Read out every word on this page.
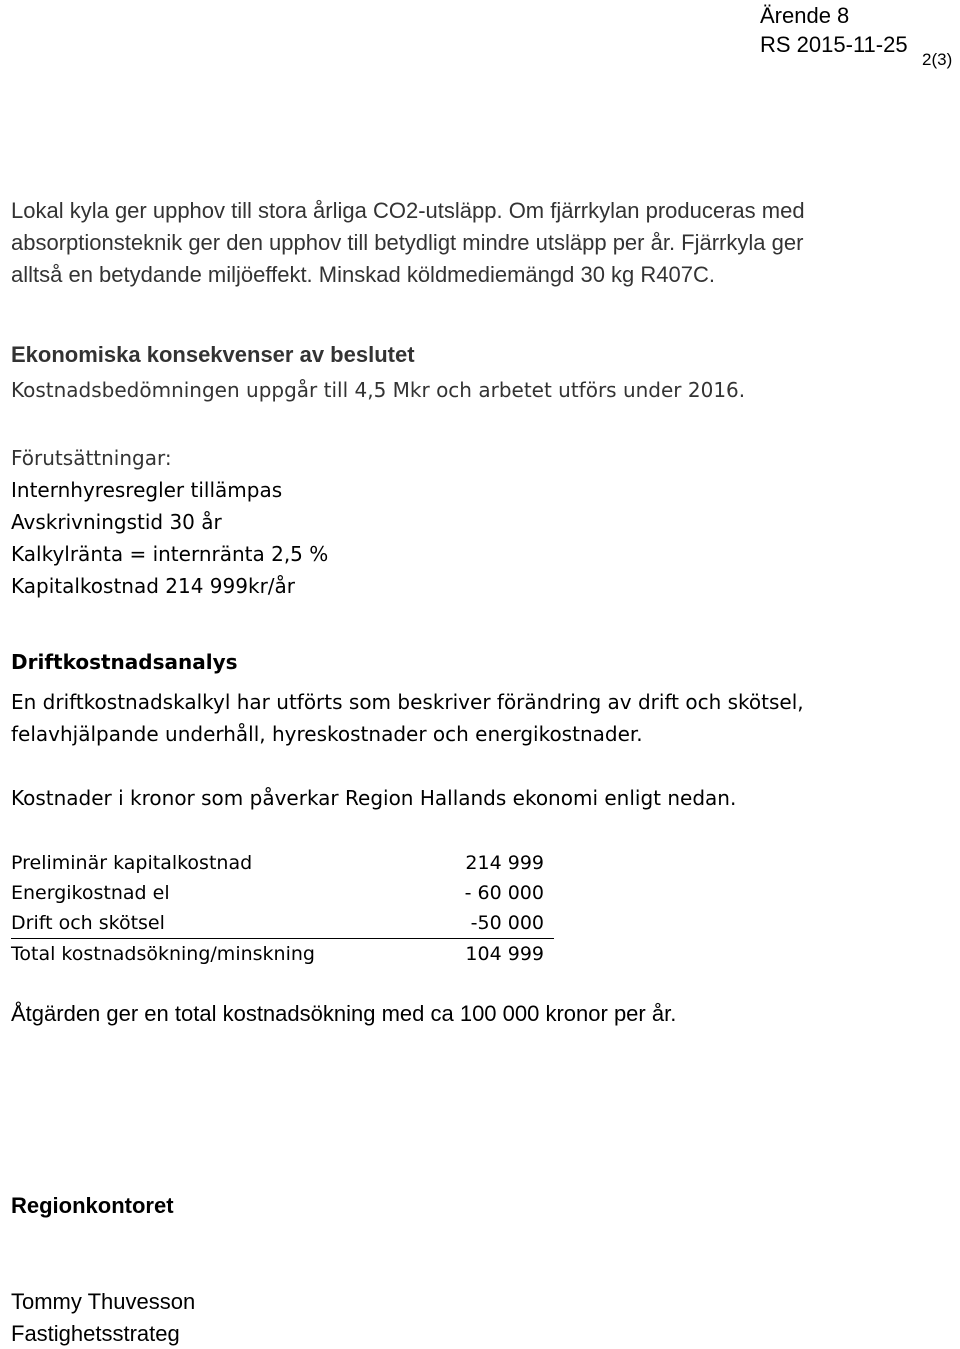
Ärende 8
RS 2015-11-25
2(3)
Lokal kyla ger upphov till stora årliga CO2-utsläpp. Om fjärrkylan produceras med
absorptionsteknik ger den upphov till betydligt mindre utsläpp per år. Fjärrkyla ger
alltså en betydande miljöeffekt. Minskad köldmediemängd 30 kg R407C.
Ekonomiska konsekvenser av beslutet
Kostnadsbedömningen uppgår till 4,5 Mkr och arbetet utförs under 2016.
Förutsättningar:
Internhyresregler tillämpas
Avskrivningstid 30 år
Kalkylränta = internränta 2,5 %
Kapitalkostnad 214 999kr/år
Driftkostnadsanalys
En driftkostnadskalkyl har utförts som beskriver förändring av drift och skötsel,
felavhjälpande underhåll, hyreskostnader och energikostnader.
Kostnader i kronor som påverkar Region Hallands ekonomi enligt nedan.
Preliminär kapitalkostnad	214 999
Energikostnad el	- 60 000
Drift och skötsel	-50 000
Total kostnadsökning/minskning	104 999
Åtgärden ger en total kostnadsökning med ca 100 000 kronor per år.
Regionkontoret
Tommy Thuvesson
Fastighetsstrateg
